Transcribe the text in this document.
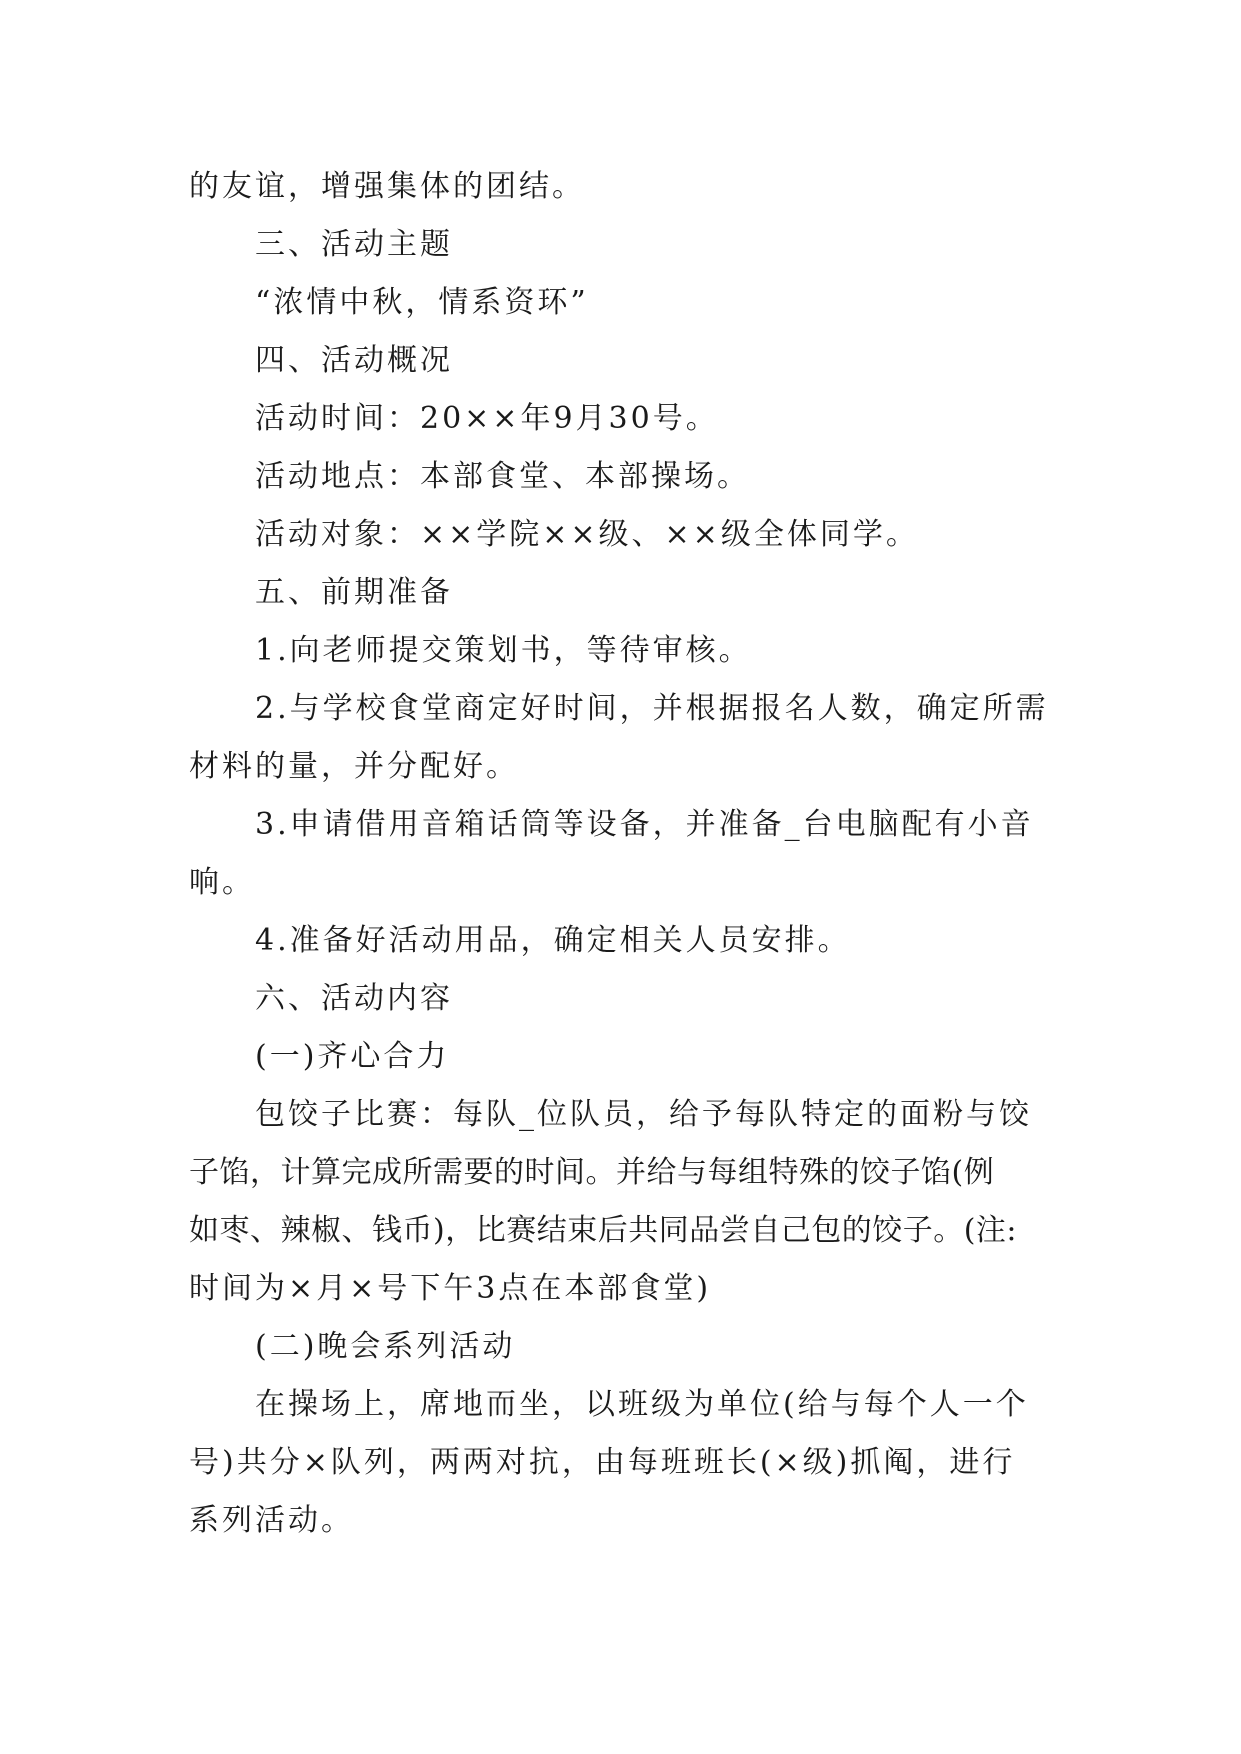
的友谊，增强集体的团结。
三、活动主题
“浓情中秋，情系资环”
四、活动概况
活动时间：20××年9月30号。
活动地点：本部食堂、本部操场。
活动对象：××学院××级、××级全体同学。
五、前期准备
1.向老师提交策划书，等待审核。
2.与学校食堂商定好时间，并根据报名人数，确定所需
材料的量，并分配好。
3.申请借用音箱话筒等设备，并准备_台电脑配有小音
响。
4.准备好活动用品，确定相关人员安排。
六、活动内容
(一)齐心合力
包饺子比赛：每队_位队员，给予每队特定的面粉与饺
子馅，计算完成所需要的时间。并给与每组特殊的饺子馅(例
如枣、辣椒、钱币)，比赛结束后共同品尝自己包的饺子。(注:
时间为×月×号下午3点在本部食堂)
(二)晚会系列活动
在操场上，席地而坐，以班级为单位(给与每个人一个
号)共分×队列，两两对抗，由每班班长(×级)抓阄，进行
系列活动。
